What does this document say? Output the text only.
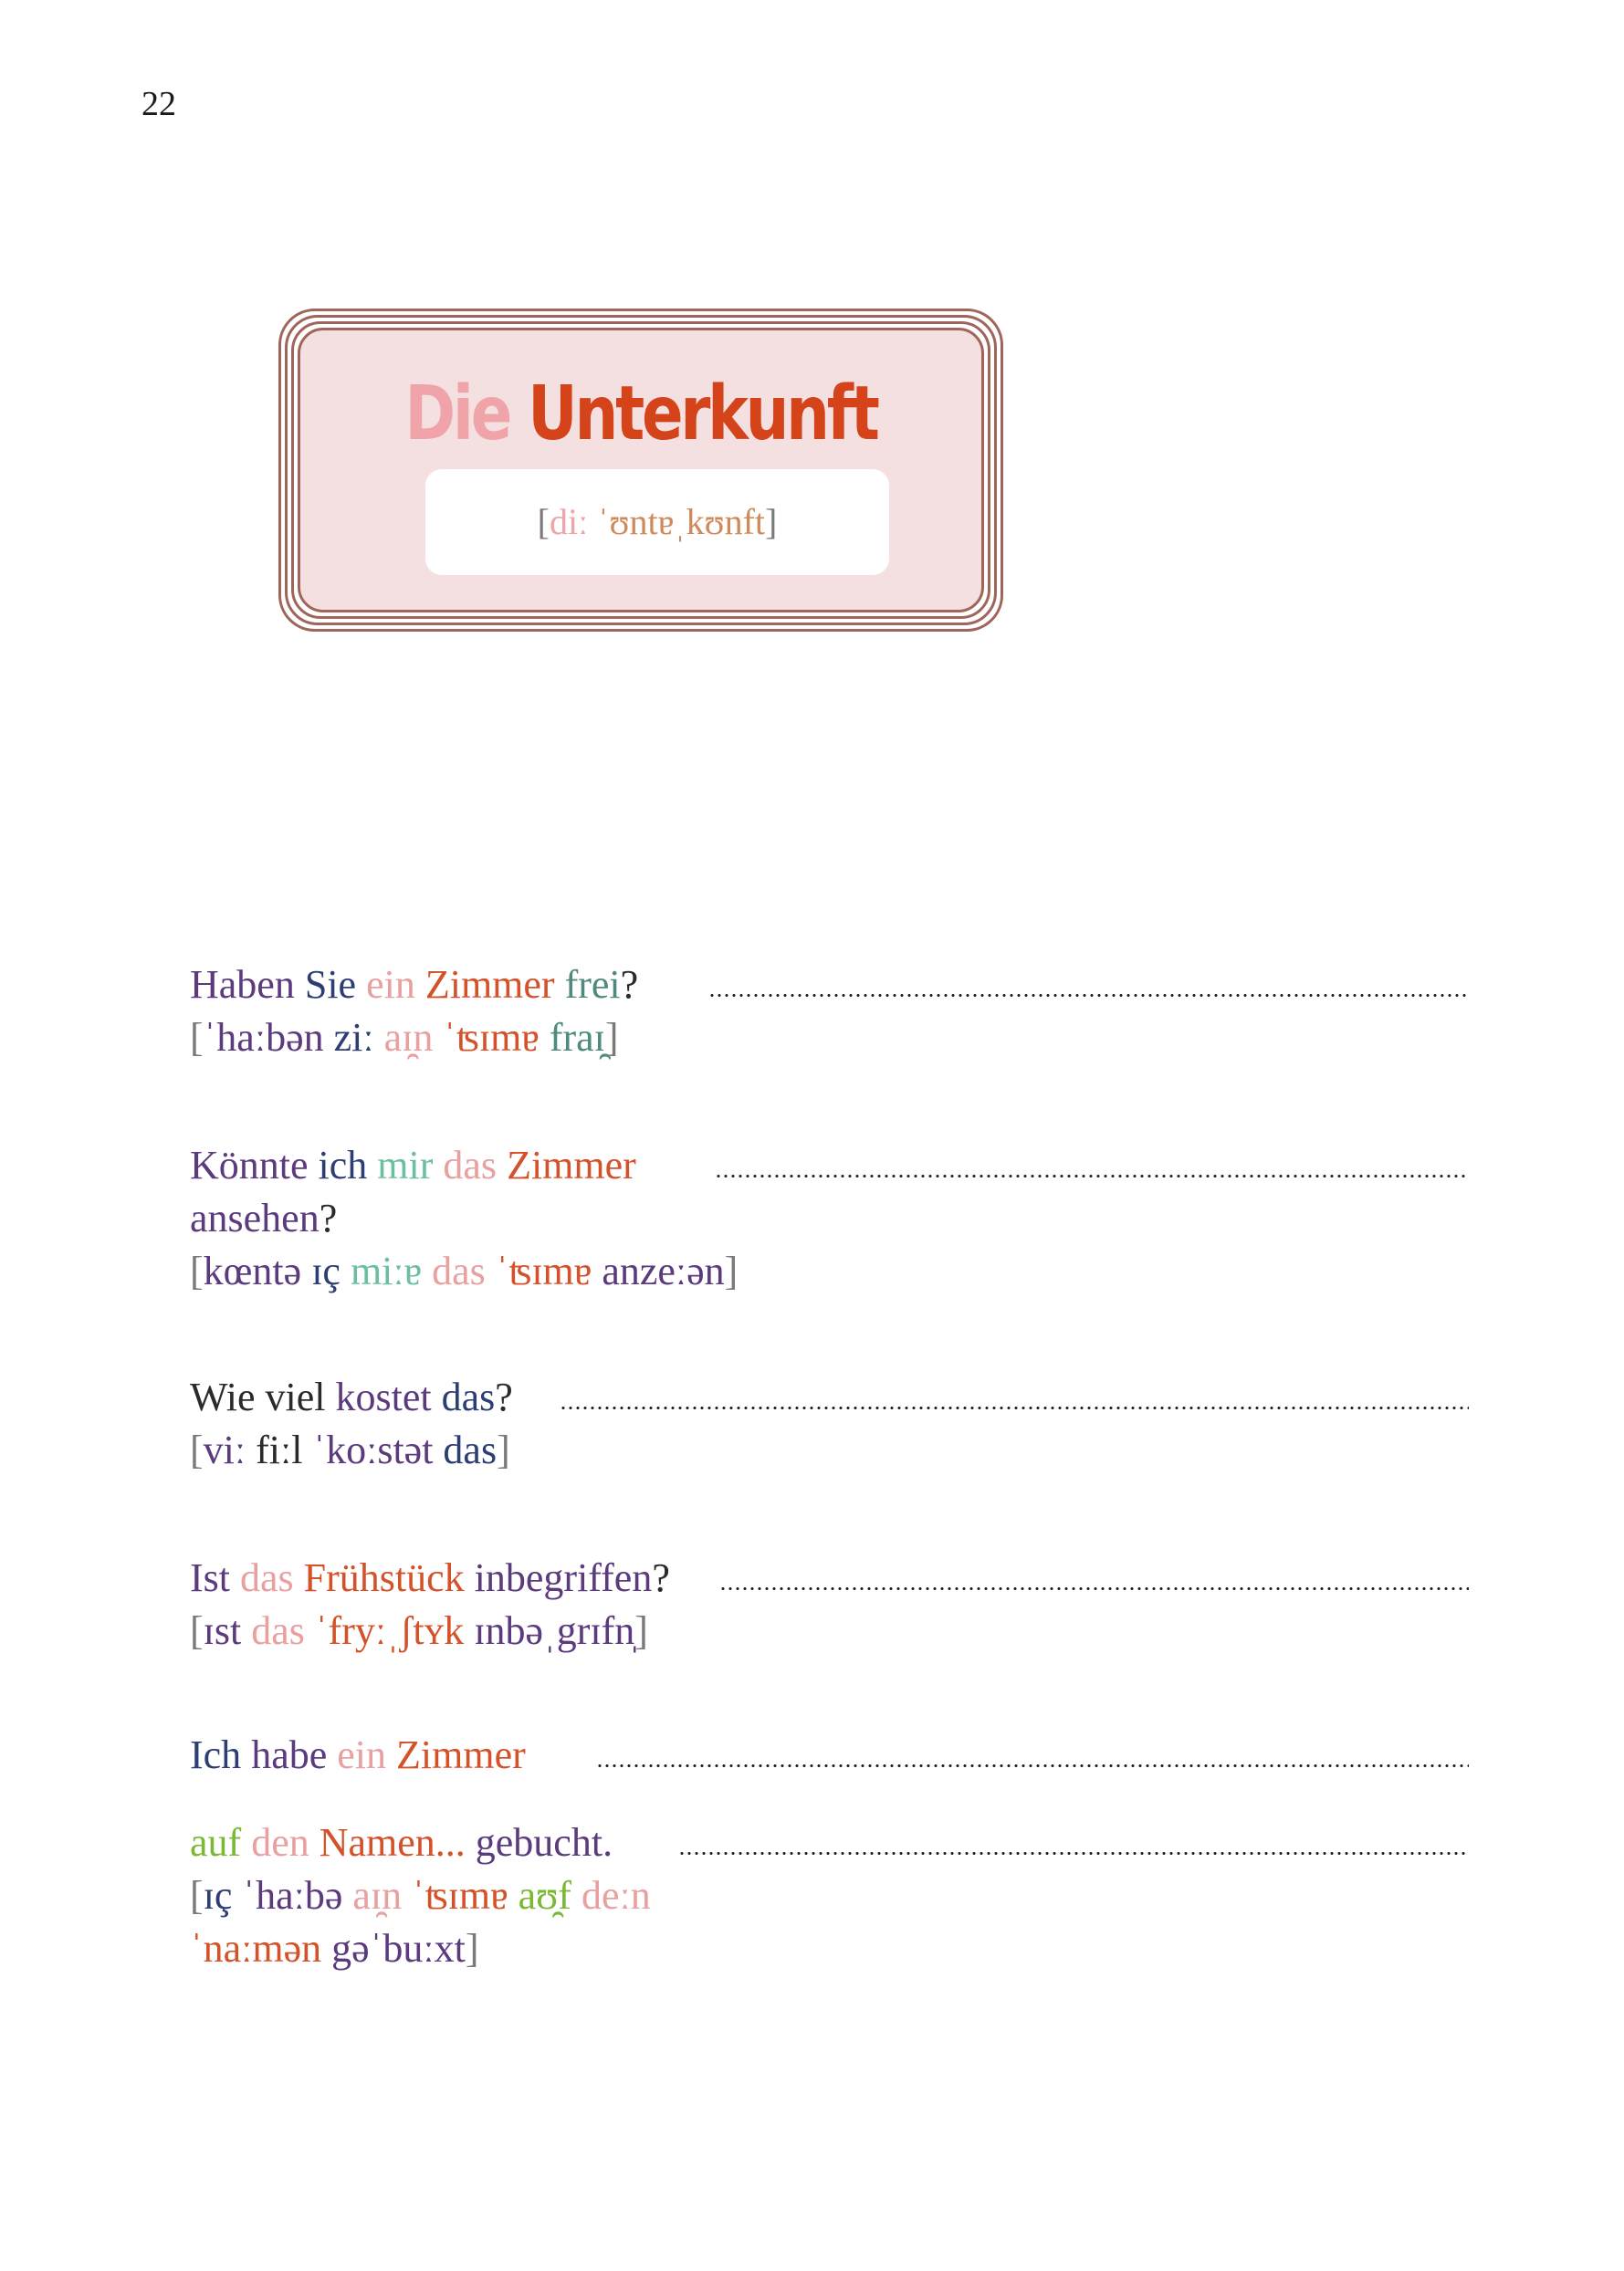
22
Die Unterkunft
[diː ˈʊntɐˌkʊnft]
Haben Sie ein Zimmer frei?
[ˈhaːbən ziː aɪ̯n ˈʦɪmɐ fraɪ̯]
Könnte ich mir das Zimmer
ansehen?
[kœntə ɪç miːɐ das ˈʦɪmɐ anzeːən]
Wie viel kostet das?
[viː fiːl ˈkoːstət das]
Ist das Frühstück inbegriffen?
[ɪst das ˈfryːˌʃtʏk ɪnbəˌgrɪfn̩]
Ich habe ein Zimmer
auf den Namen... gebucht.
[ɪç ˈhaːbə aɪ̯n ˈʦɪmɐ aʊ̯f deːn
ˈnaːmən gəˈbuːxt]
